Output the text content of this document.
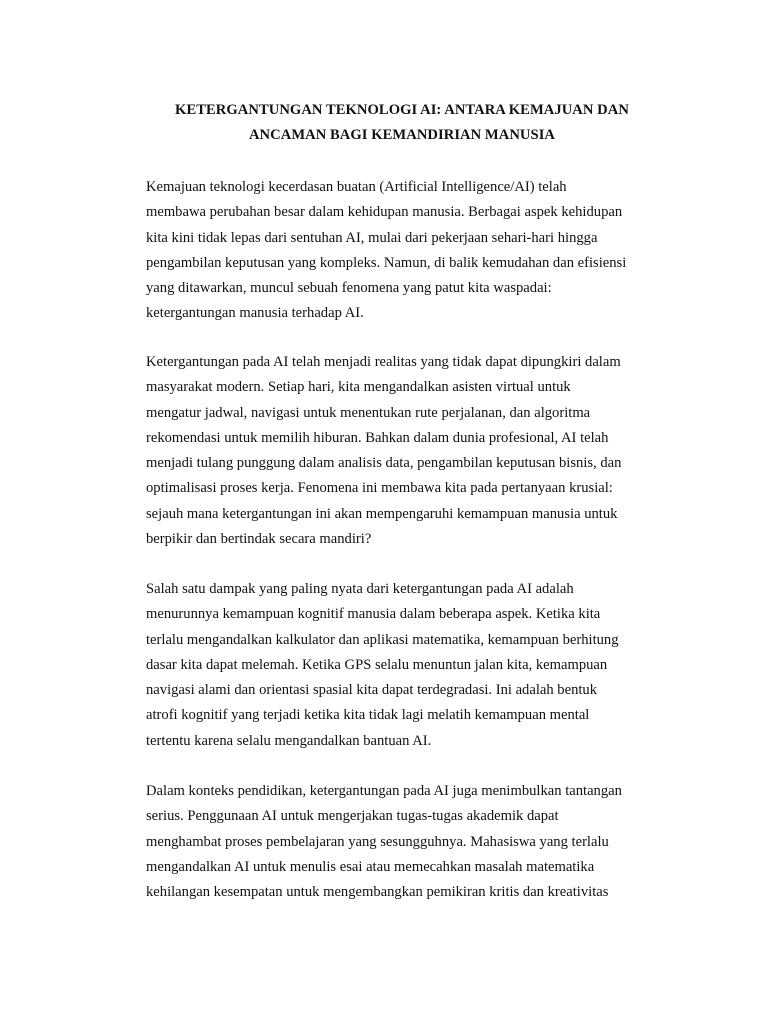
KETERGANTUNGAN TEKNOLOGI AI: ANTARA KEMAJUAN DAN
ANCAMAN BAGI KEMANDIRIAN MANUSIA

Kemajuan teknologi kecerdasan buatan (Artificial Intelligence/AI) telah
membawa perubahan besar dalam kehidupan manusia. Berbagai aspek kehidupan
kita kini tidak lepas dari sentuhan AI, mulai dari pekerjaan sehari-hari hingga
pengambilan keputusan yang kompleks. Namun, di balik kemudahan dan efisiensi
yang ditawarkan, muncul sebuah fenomena yang patut kita waspadai:
ketergantungan manusia terhadap AI.

Ketergantungan pada AI telah menjadi realitas yang tidak dapat dipungkiri dalam
masyarakat modern. Setiap hari, kita mengandalkan asisten virtual untuk
mengatur jadwal, navigasi untuk menentukan rute perjalanan, dan algoritma
rekomendasi untuk memilih hiburan. Bahkan dalam dunia profesional, AI telah
menjadi tulang punggung dalam analisis data, pengambilan keputusan bisnis, dan
optimalisasi proses kerja. Fenomena ini membawa kita pada pertanyaan krusial:
sejauh mana ketergantungan ini akan mempengaruhi kemampuan manusia untuk
berpikir dan bertindak secara mandiri?

Salah satu dampak yang paling nyata dari ketergantungan pada AI adalah
menurunnya kemampuan kognitif manusia dalam beberapa aspek. Ketika kita
terlalu mengandalkan kalkulator dan aplikasi matematika, kemampuan berhitung
dasar kita dapat melemah. Ketika GPS selalu menuntun jalan kita, kemampuan
navigasi alami dan orientasi spasial kita dapat terdegradasi. Ini adalah bentuk
atrofi kognitif yang terjadi ketika kita tidak lagi melatih kemampuan mental
tertentu karena selalu mengandalkan bantuan AI.

Dalam konteks pendidikan, ketergantungan pada AI juga menimbulkan tantangan
serius. Penggunaan AI untuk mengerjakan tugas-tugas akademik dapat
menghambat proses pembelajaran yang sesungguhnya. Mahasiswa yang terlalu
mengandalkan AI untuk menulis esai atau memecahkan masalah matematika
kehilangan kesempatan untuk mengembangkan pemikiran kritis dan kreativitas
